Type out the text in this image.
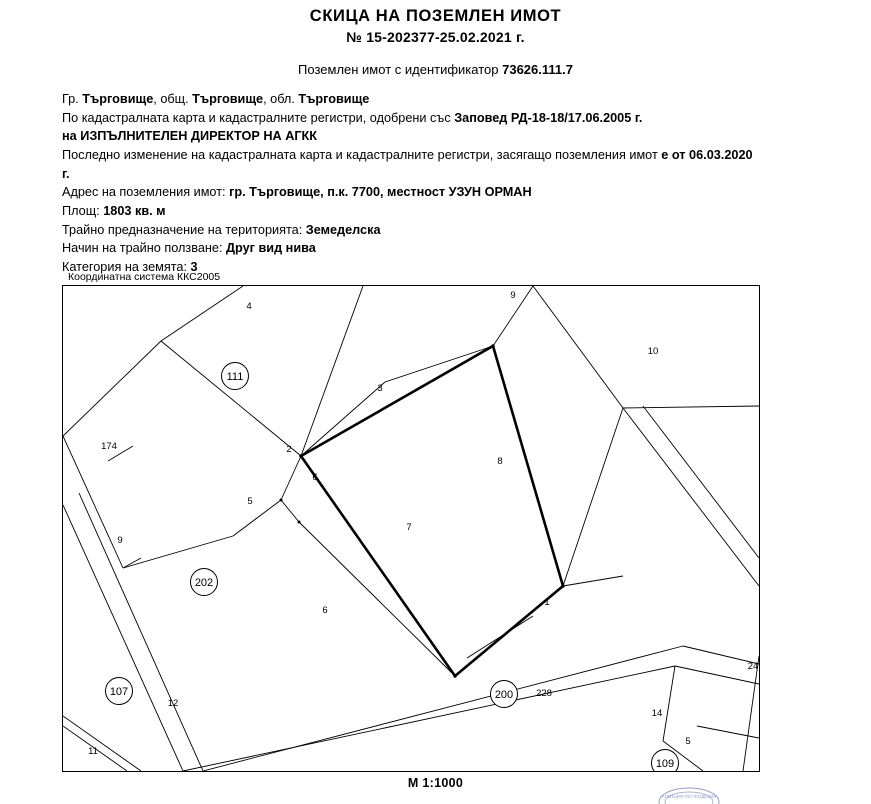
СКИЦА НА ПОЗЕМЛЕН ИМОТ
№ 15-202377-25.02.2021 г.
Поземлен имот с идентификатор 73626.111.7
Гр. Търговище, общ. Търговище, обл. Търговище
По кадастралната карта и кадастралните регистри, одобрени със Заповед РД-18-18/17.06.2005 г.
на ИЗПЪЛНИТЕЛЕН ДИРЕКТОР НА АГКК
Последно изменение на кадастралната карта и кадастралните регистри, засягащо поземления имот е от 06.03.2020 г.
Адрес на поземления имот: гр. Търговище, п.к. 7700, местност УЗУН ОРМАН
Площ: 1803 кв. м
Трайно предназначение на територията: Земеделска
Начин на трайно ползване: Друг вид нива
Категория на земята: 3
Координатна система ККС2005
4
9
10
174
9
5
6
8
7
6
12
11
228
14
5
24
1
3
2
111
202
107	200
109
М 1:1000
АГЕНЦИЯ ПО ГЕОДЕЗИЯ
